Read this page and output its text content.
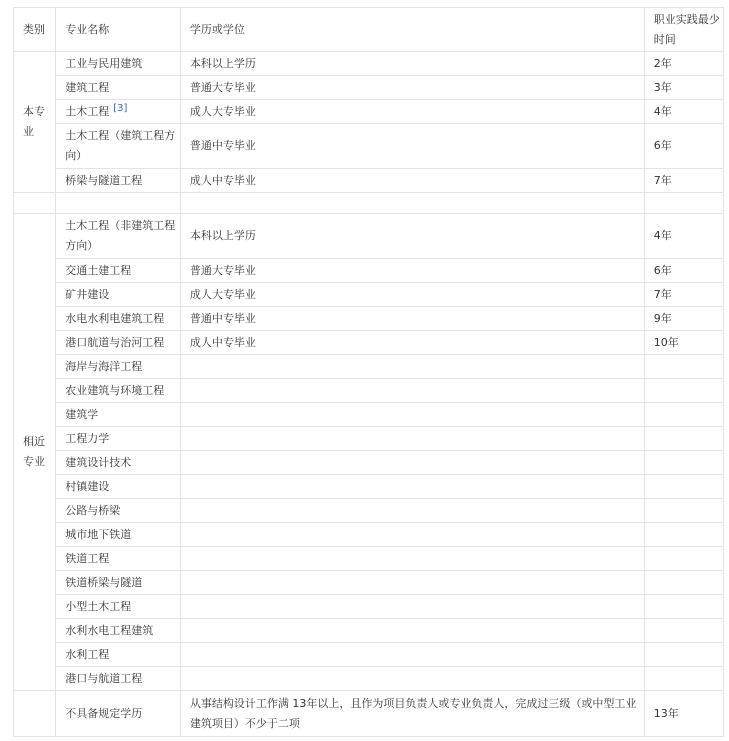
类别	专业名称	学历或学位	职业实践最少时间
本专业	工业与民用建筑	本科以上学历	2年
	建筑工程	普通大专毕业	3年
	土木工程 [3]	成人大专毕业	4年
	土木工程（建筑工程方向）	普通中专毕业	6年
	桥梁与隧道工程	成人中专毕业	7年

相近专业	土木工程（非建筑工程方向）	本科以上学历	4年
	交通土建工程	普通大专毕业	6年
	矿井建设	成人大专毕业	7年
	水电水利电建筑工程	普通中专毕业	9年
	港口航道与治河工程	成人中专毕业	10年
	海岸与海洋工程		
	农业建筑与环境工程		
	建筑学		
	工程力学		
	建筑设计技术		
	村镇建设		
	公路与桥梁		
	城市地下铁道		
	铁道工程		
	铁道桥梁与隧道		
	小型土木工程		
	水利水电工程建筑		
	水利工程		
	港口与航道工程		
	不具备规定学历	从事结构设计工作满 13年以上，且作为项目负责人或专业负责人，完成过三级（或中型工业建筑项目）不少于二项	13年
